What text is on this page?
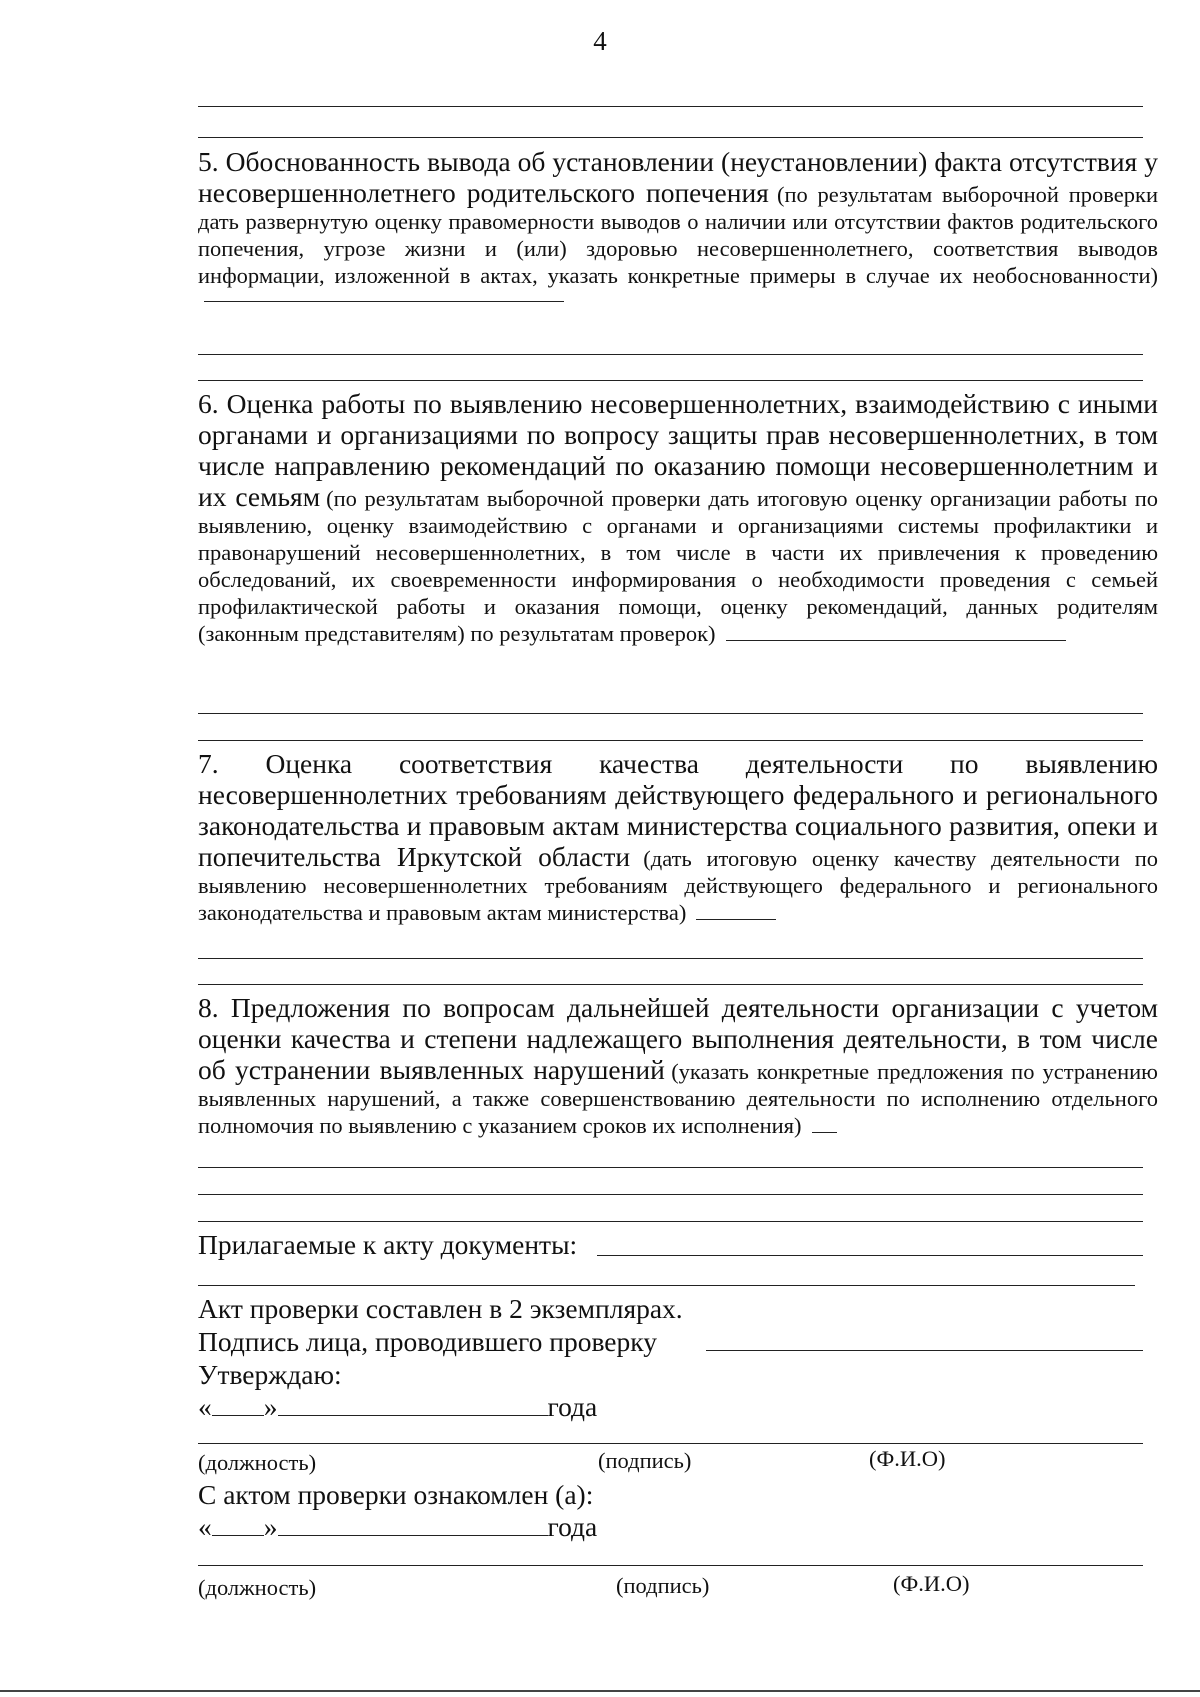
4

5. Обоснованность вывода об установлении (неустановлении) факта отсутствия у несовершеннолетнего родительского попечения (по результатам выборочной проверки дать развернутую оценку правомерности выводов о наличии или отсутствии фактов родительского попечения, угрозе жизни и (или) здоровью несовершеннолетнего, соответствия выводов информации, изложенной в актах, указать конкретные примеры в случае их необоснованности)

6. Оценка работы по выявлению несовершеннолетних, взаимодействию с иными органами и организациями по вопросу защиты прав несовершеннолетних, в том числе направлению рекомендаций по оказанию помощи несовершеннолетним и их семьям (по результатам выборочной проверки дать итоговую оценку организации работы по выявлению, оценку взаимодействию с органами и организациями системы профилактики и правонарушений несовершеннолетних, в том числе в части их привлечения к проведению обследований, их своевременности информирования о необходимости проведения с семьей профилактической работы и оказания помощи, оценку рекомендаций, данных родителям (законным представителям) по результатам проверок)

7. Оценка соответствия качества деятельности по выявлению несовершеннолетних требованиям действующего федерального и регионального законодательства и правовым актам министерства социального развития, опеки и попечительства Иркутской области (дать итоговую оценку качеству деятельности по выявлению несовершеннолетних требованиям действующего федерального и регионального законодательства и правовым актам министерства)

8. Предложения по вопросам дальнейшей деятельности организации с учетом оценки качества и степени надлежащего выполнения деятельности, в том числе об устранении выявленных нарушений (указать конкретные предложения по устранению выявленных нарушений, а также совершенствованию деятельности по исполнению отдельного полномочия по выявлению с указанием сроков их исполнения)

Прилагаемые к акту документы:
Акт проверки составлен в 2 экземплярах.
Подпись лица, проводившего проверку
Утверждаю:
« »	года
(должность)	(подпись)	(Ф.И.О)
С актом проверки ознакомлен (а):
« »	года
(должность)	(подпись)	(Ф.И.О)
